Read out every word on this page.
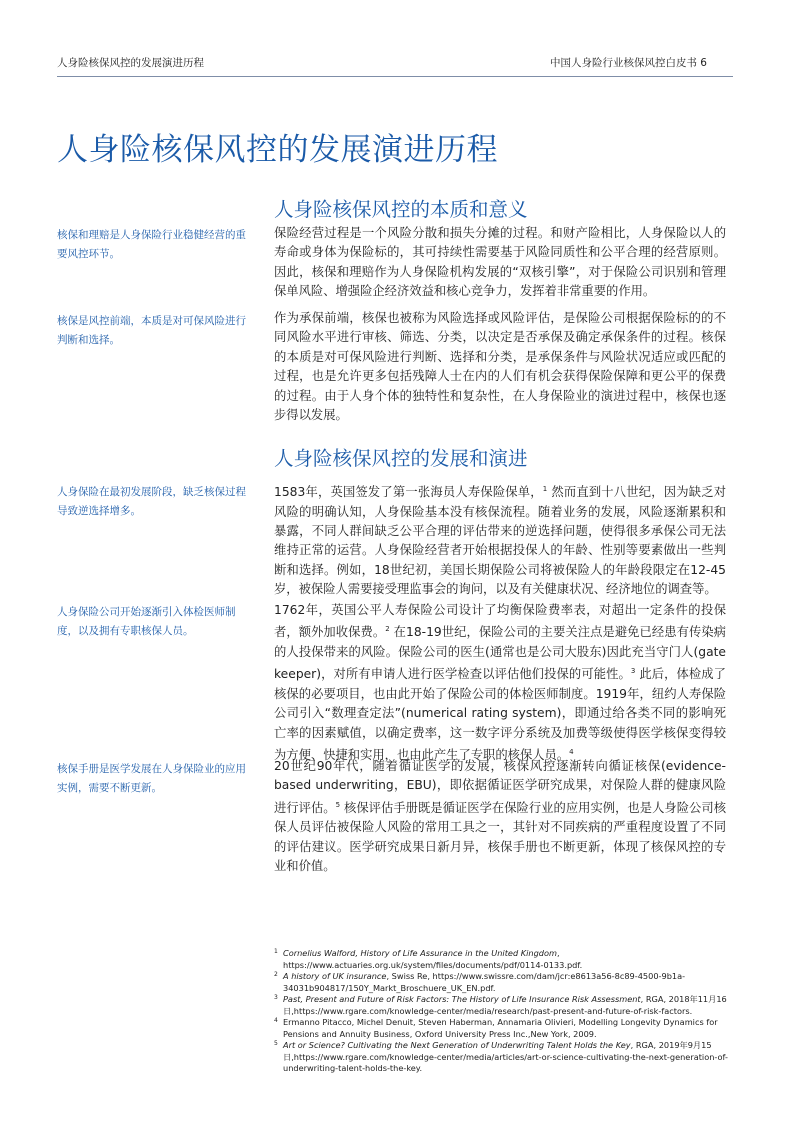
人身险核保风控的发展演进历程	中国人身险行业核保风控白皮书 6
人身险核保风控的发展演进历程
人身险核保风控的本质和意义

核保和理赔是人身保险行业稳健经营的重要风控环节。

保险经营过程是一个风险分散和损失分摊的过程。和财产险相比，人身保险以人的寿命或身体为保险标的，其可持续性需要基于风险同质性和公平合理的经营原则。因此，核保和理赔作为人身保险机构发展的“双核引擎”，对于保险公司识别和管理保单风险、增强险企经济效益和核心竞争力，发挥着非常重要的作用。

核保是风控前端，本质是对可保风险进行判断和选择。

作为承保前端，核保也被称为风险选择或风险评估，是保险公司根据保险标的的不同风险水平进行审核、筛选、分类，以决定是否承保及确定承保条件的过程。核保的本质是对可保风险进行判断、选择和分类，是承保条件与风险状况适应或匹配的过程，也是允许更多包括残障人士在内的人们有机会获得保险保障和更公平的保费的过程。由于人身个体的独特性和复杂性，在人身保险业的演进过程中，核保也逐步得以发展。

人身险核保风控的发展和演进

人身保险在最初发展阶段，缺乏核保过程导致逆选择增多。

1583年，英国签发了第一张海员人寿保险保单，$^1$ 然而直到十八世纪，因为缺乏对风险的明确认知，人身保险基本没有核保流程。随着业务的发展，风险逐渐累积和暴露，不同人群间缺乏公平合理的评估带来的逆选择问题，使得很多承保公司无法维持正常的运营。人身保险经营者开始根据投保人的年龄、性别等要素做出一些判断和选择。例如，18世纪初，美国长期保险公司将被保险人的年龄段限定在12-45岁，被保险人需要接受理监事会的询问，以及有关健康状况、经济地位的调查等。

人身保险公司开始逐渐引入体检医师制度，以及拥有专职核保人员。

1762年，英国公平人寿保险公司设计了均衡保险费率表，对超出一定条件的投保者，额外加收保费。$^2$ 在18-19世纪，保险公司的主要关注点是避免已经患有传染病的人投保带来的风险。保险公司的医生(通常也是公司大股东)因此充当守门人(gate keeper)，对所有申请人进行医学检查以评估他们投保的可能性。$^3$ 此后，体检成了核保的必要项目，也由此开始了保险公司的体检医师制度。1919年，纽约人寿保险公司引入“数理查定法”(numerical rating system)，即通过给各类不同的影响死亡率的因素赋值，以确定费率，这一数字评分系统及加费等级使得医学核保变得较为方便、快捷和实用，也由此产生了专职的核保人员。$^4$

核保手册是医学发展在人身保险业的应用实例，需要不断更新。

20世纪90年代，随着循证医学的发展，核保风控逐渐转向循证核保(evidence-based underwriting，EBU)，即依据循证医学研究成果，对保险人群的健康风险进行评估。$^5$ 核保评估手册既是循证医学在保险行业的应用实例，也是人身险公司核保人员评估被保险人风险的常用工具之一，其针对不同疾病的严重程度设置了不同的评估建议。医学研究成果日新月异，核保手册也不断更新，体现了核保风控的专业和价值。

1 Cornelius Walford, History of Life Assurance in the United Kingdom, https://www.actuaries.org.uk/system/files/documents/pdf/0114-0133.pdf.
2 A history of UK insurance, Swiss Re, https://www.swissre.com/dam/jcr:e8613a56-8c89-4500-9b1a-34031b904817/150Y_Markt_Broschuere_UK_EN.pdf.
3 Past, Present and Future of Risk Factors: The History of Life Insurance Risk Assessment, RGA, 2018年11月16日,https://www.rgare.com/knowledge-center/media/research/past-present-and-future-of-risk-factors.
4 Ermanno Pitacco, Michel Denuit, Steven Haberman, Annamaria Olivieri, Modelling Longevity Dynamics for Pensions and Annuity Business, Oxford University Press Inc.,New York, 2009.
5 Art or Science? Cultivating the Next Generation of Underwriting Talent Holds the Key, RGA, 2019年9月15日,https://www.rgare.com/knowledge-center/media/articles/art-or-science-cultivating-the-next-generation-of-underwriting-talent-holds-the-key.
